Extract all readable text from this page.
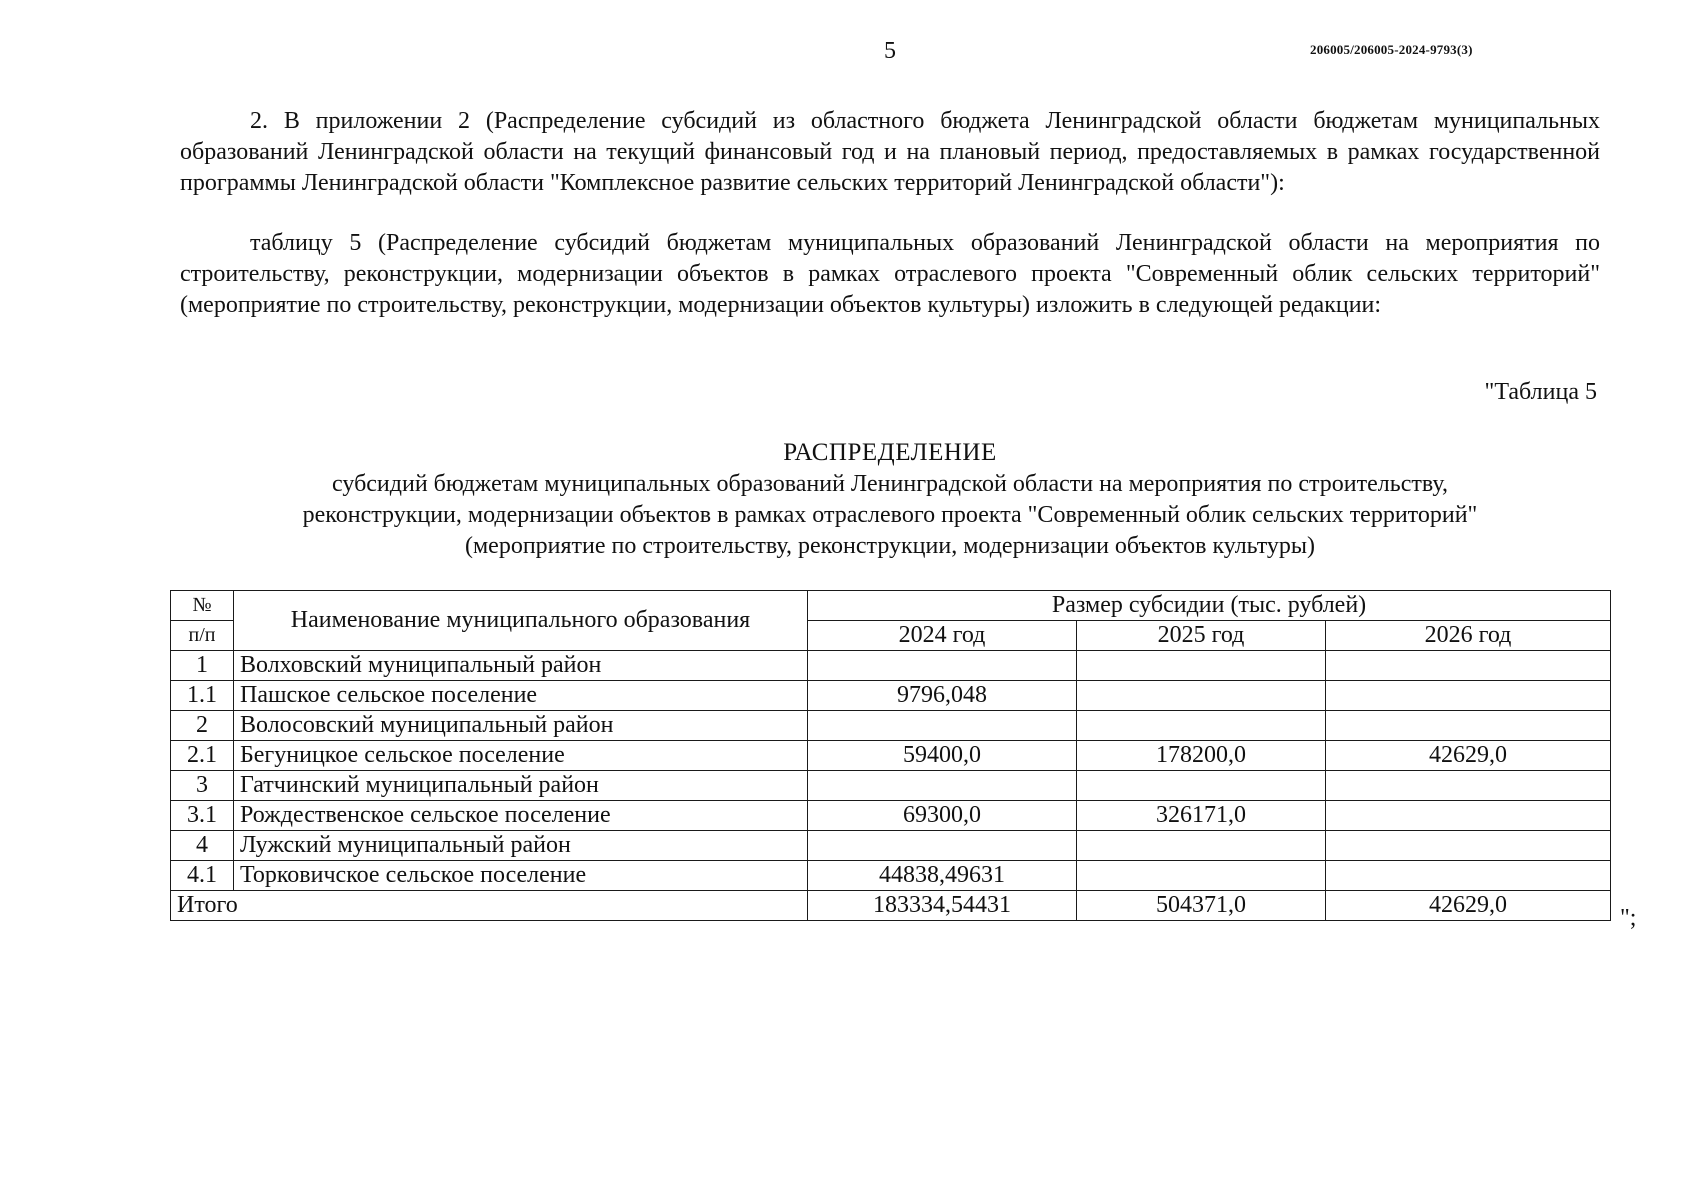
5	206005/206005-2024-9793(3)
2. В приложении 2 (Распределение субсидий из областного бюджета Ленинградской области бюджетам муниципальных образований Ленинградской области на текущий финансовый год и на плановый период, предоставляемых в рамках государственной программы Ленинградской области "Комплексное развитие сельских территорий Ленинградской области"):
таблицу 5 (Распределение субсидий бюджетам муниципальных образований Ленинградской области на мероприятия по строительству, реконструкции, модернизации объектов в рамках отраслевого проекта "Современный облик сельских территорий" (мероприятие по строительству, реконструкции, модернизации объектов культуры) изложить в следующей редакции:
"Таблица 5
РАСПРЕДЕЛЕНИЕ
субсидий бюджетам муниципальных образований Ленинградской области на мероприятия по строительству,
реконструкции, модернизации объектов в рамках отраслевого проекта "Современный облик сельских территорий"
(мероприятие по строительству, реконструкции, модернизации объектов культуры)
№	Наименование муниципального образования	Размер субсидии (тыс. рублей)		
п/п		2024 год	2025 год	2026 год
1	Волховский муниципальный район			
1.1	Пашское сельское поселение	9796,048		
2	Волосовский муниципальный район			
2.1	Бегуницкое сельское поселение	59400,0	178200,0	42629,0
3	Гатчинский муниципальный район			
3.1	Рождественское сельское поселение	69300,0	326171,0	
4	Лужский муниципальный район			
4.1	Торковичское сельское поселение	44838,49631		
Итого		183334,54431	504371,0	42629,0	";
